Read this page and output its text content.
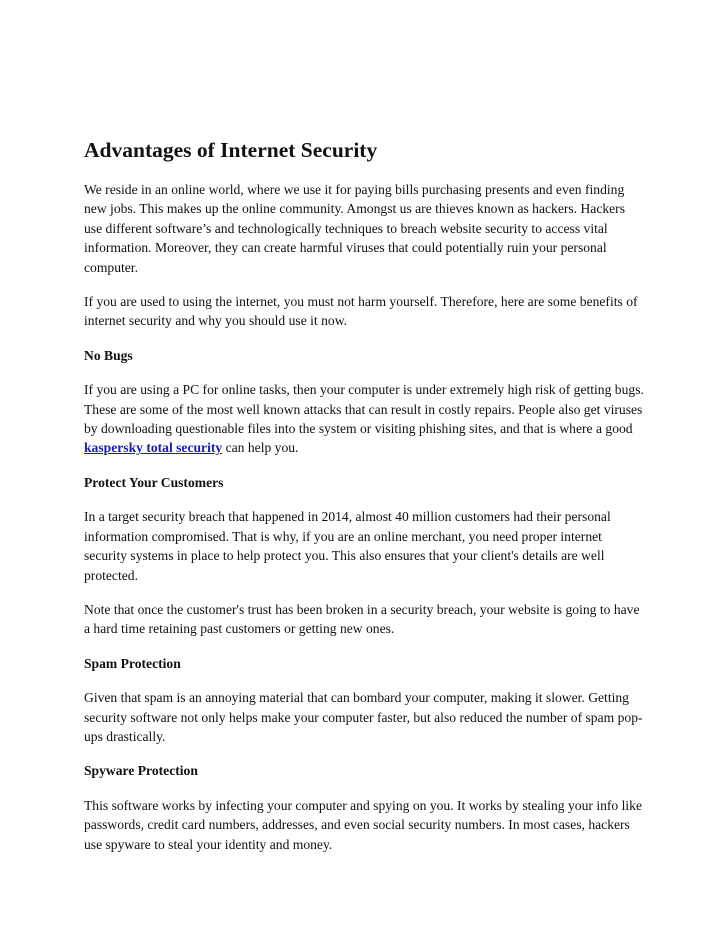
Advantages of Internet Security

We reside in an online world, where we use it for paying bills purchasing presents and even finding new jobs. This makes up the online community. Amongst us are thieves known as hackers. Hackers use different software’s and technologically techniques to breach website security to access vital information. Moreover, they can create harmful viruses that could potentially ruin your personal computer.

If you are used to using the internet, you must not harm yourself. Therefore, here are some benefits of internet security and why you should use it now.

No Bugs

If you are using a PC for online tasks, then your computer is under extremely high risk of getting bugs. These are some of the most well known attacks that can result in costly repairs. People also get viruses by downloading questionable files into the system or visiting phishing sites, and that is where a good kaspersky total security can help you.

Protect Your Customers

In a target security breach that happened in 2014, almost 40 million customers had their personal information compromised. That is why, if you are an online merchant, you need proper internet security systems in place to help protect you. This also ensures that your client's details are well protected.

Note that once the customer's trust has been broken in a security breach, your website is going to have a hard time retaining past customers or getting new ones.

Spam Protection

Given that spam is an annoying material that can bombard your computer, making it slower. Getting security software not only helps make your computer faster, but also reduced the number of spam pop-ups drastically.

Spyware Protection

This software works by infecting your computer and spying on you. It works by stealing your info like passwords, credit card numbers, addresses, and even social security numbers. In most cases, hackers use spyware to steal your identity and money.
